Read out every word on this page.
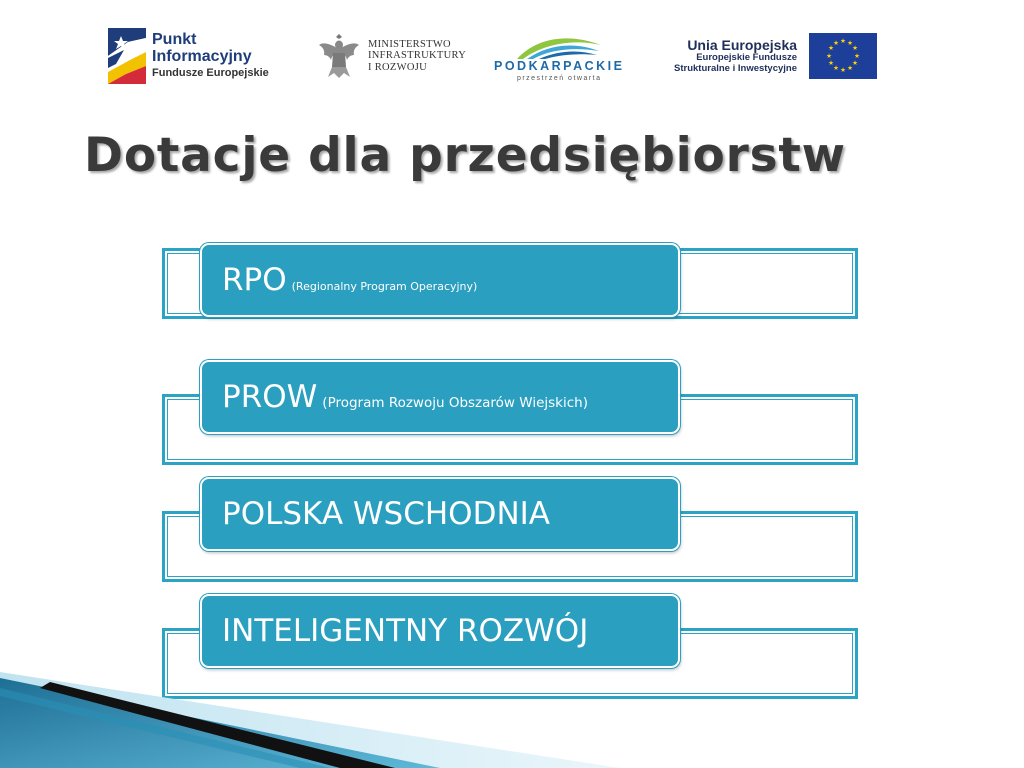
Punkt
Informacyjny
Fundusze Europejskie
MINISTERSTWO
INFRASTRUKTURY
I ROZWOJU	PODKARPACKIE
przestrzeń otwarta
Unia Europejska
Europejskie Fundusze
Strukturalne i Inwestycyjne
★ ★
★
★
★
★
★
★
★
★
★
★
Dotacje dla przedsiębiorstw
RPO (Regionalny Program Operacyjny)
PROW (Program Rozwoju Obszarów Wiejskich)
POLSKA WSCHODNIA
INTELIGENTNY ROZWÓJ
